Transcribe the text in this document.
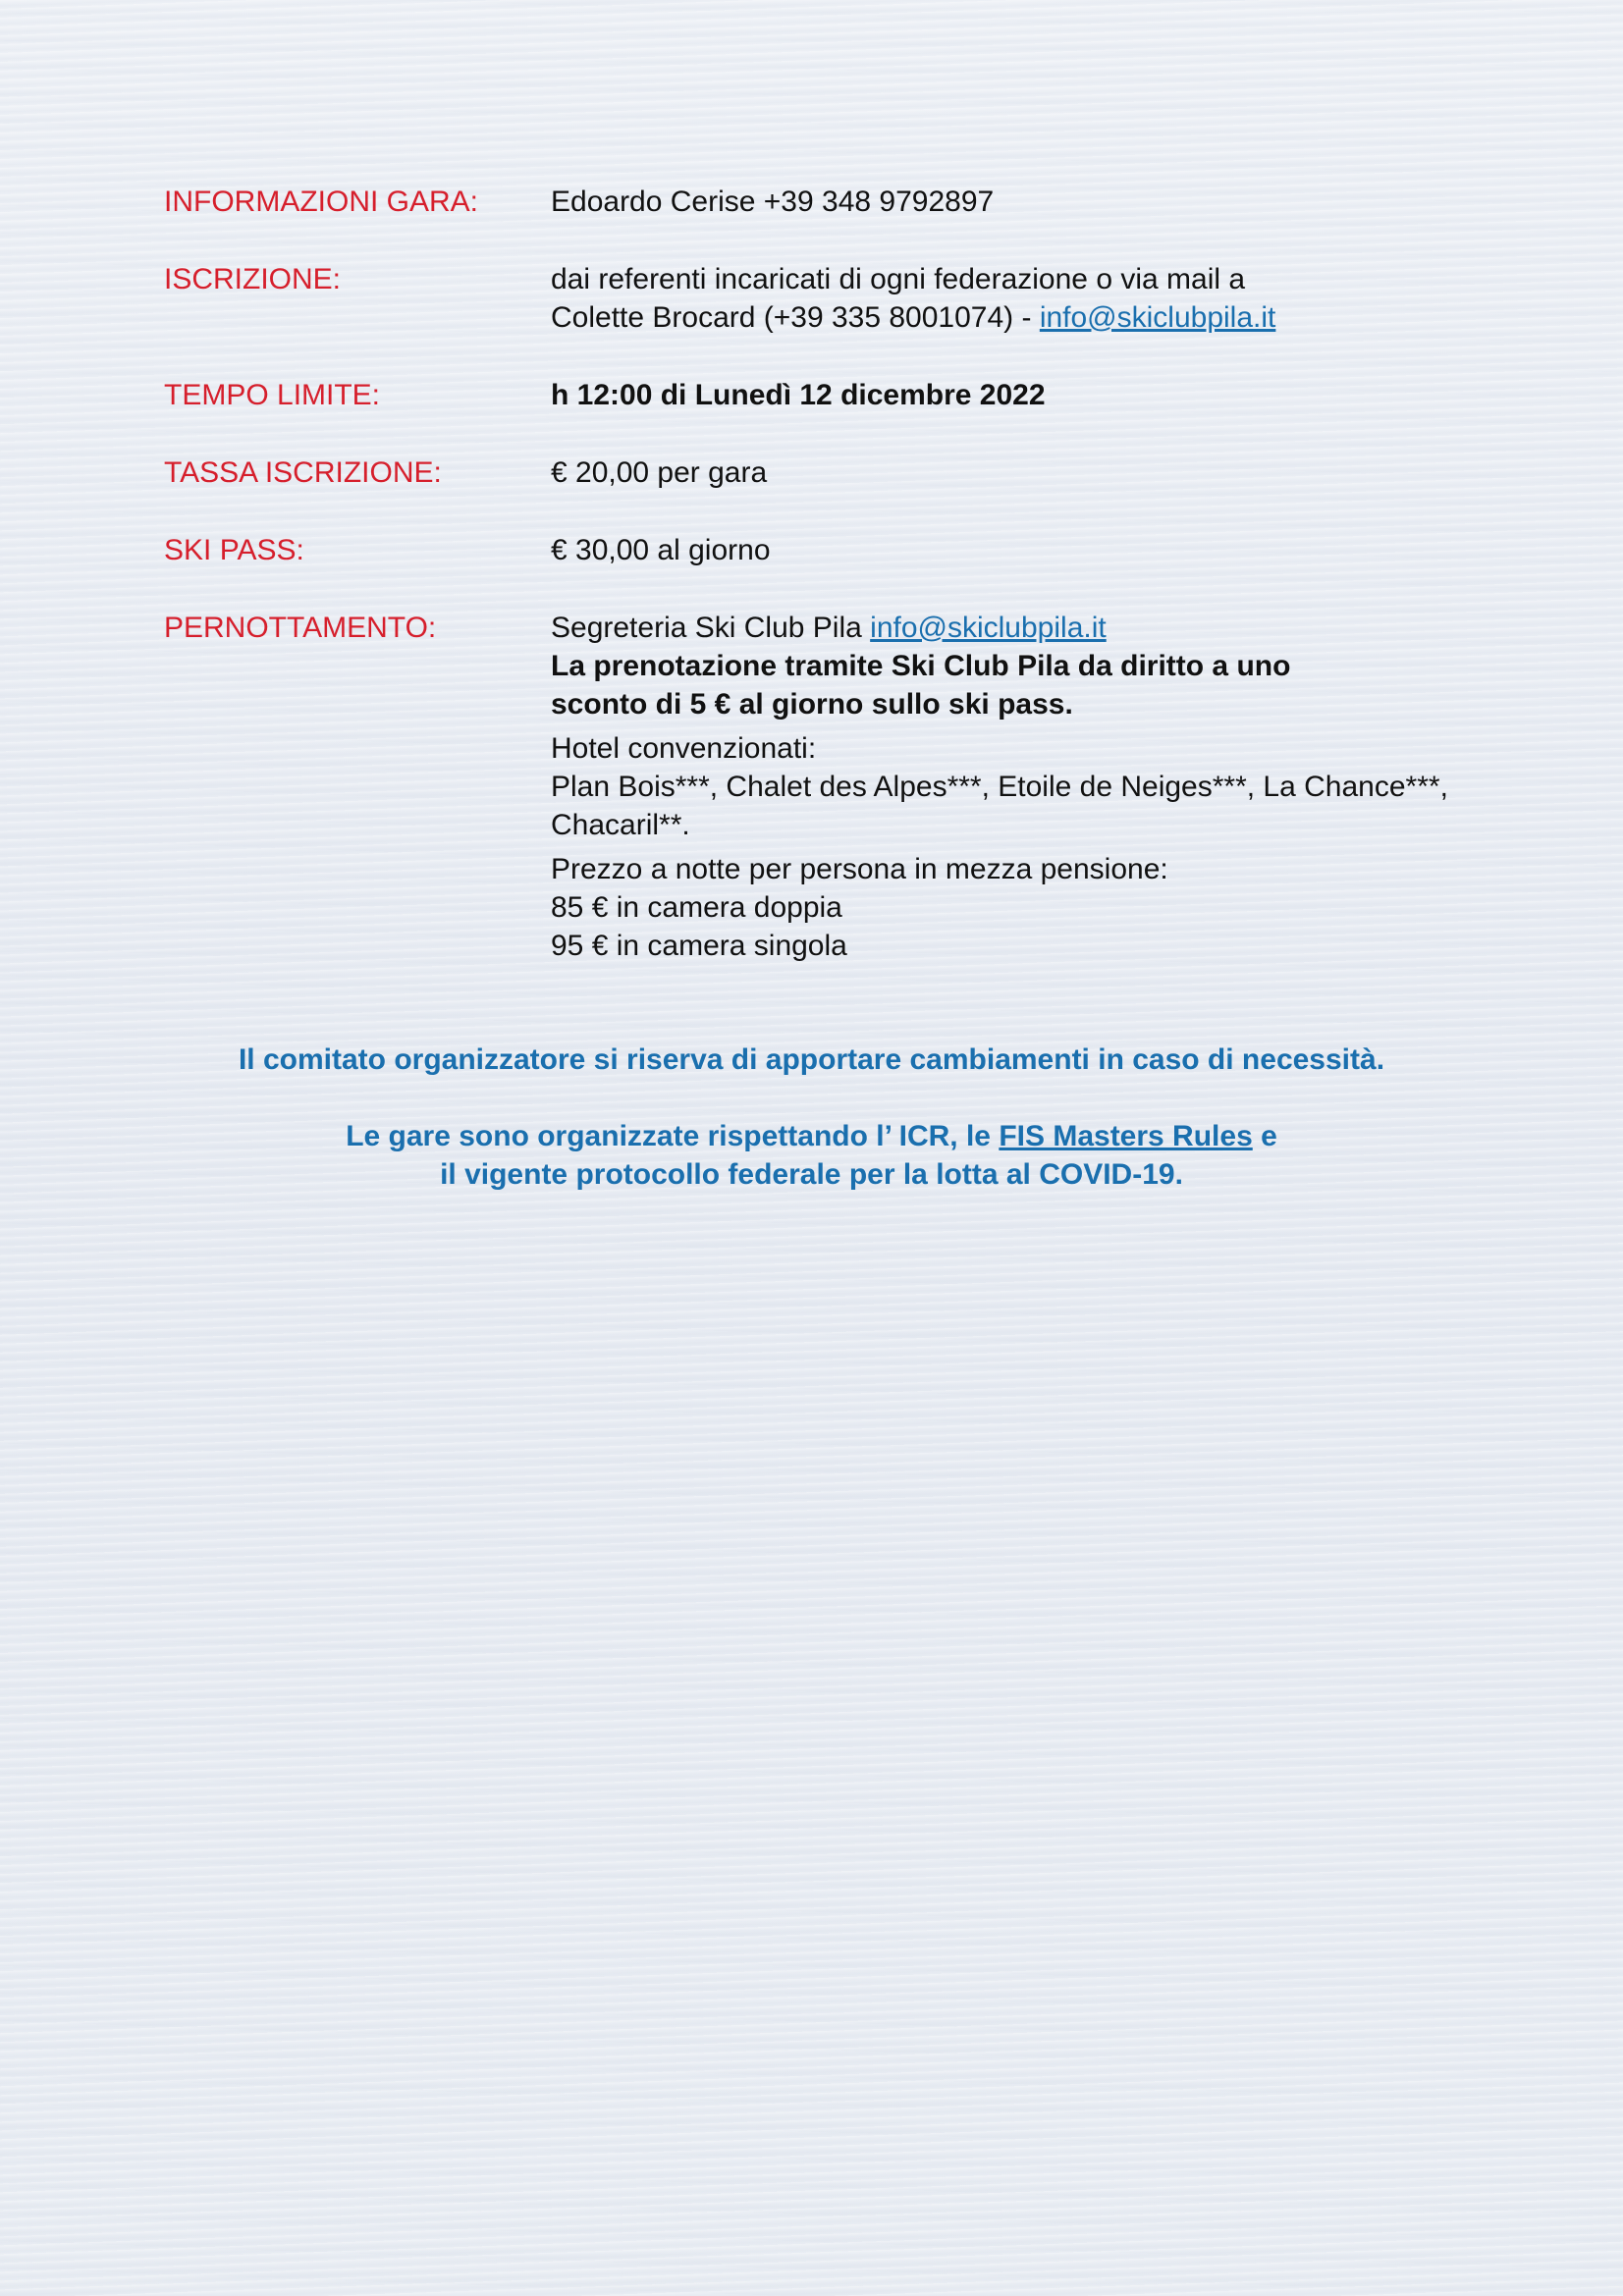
INFORMAZIONI GARA:	Edoardo Cerise +39 348 9792897
ISCRIZIONE:	dai referenti incaricati di ogni federazione o via mail a
Colette Brocard (+39 335 8001074) - info@skiclubpila.it
TEMPO LIMITE:	h 12:00 di Lunedì 12 dicembre 2022
TASSA ISCRIZIONE:	€ 20,00 per gara
SKI PASS:	€ 30,00 al giorno
PERNOTTAMENTO:	Segreteria Ski Club Pila info@skiclubpila.it
La prenotazione tramite Ski Club Pila da diritto a uno
sconto di 5 € al giorno sullo ski pass.
Hotel convenzionati:
Plan Bois***, Chalet des Alpes***, Etoile de Neiges***, La Chance***,
Chacaril**.
Prezzo a notte per persona in mezza pensione:
85 € in camera doppia
95 € in camera singola

Il comitato organizzatore si riserva di apportare cambiamenti in caso di necessità.

Le gare sono organizzate rispettando l’ ICR, le FIS Masters Rules e
il vigente protocollo federale per la lotta al COVID-19.
